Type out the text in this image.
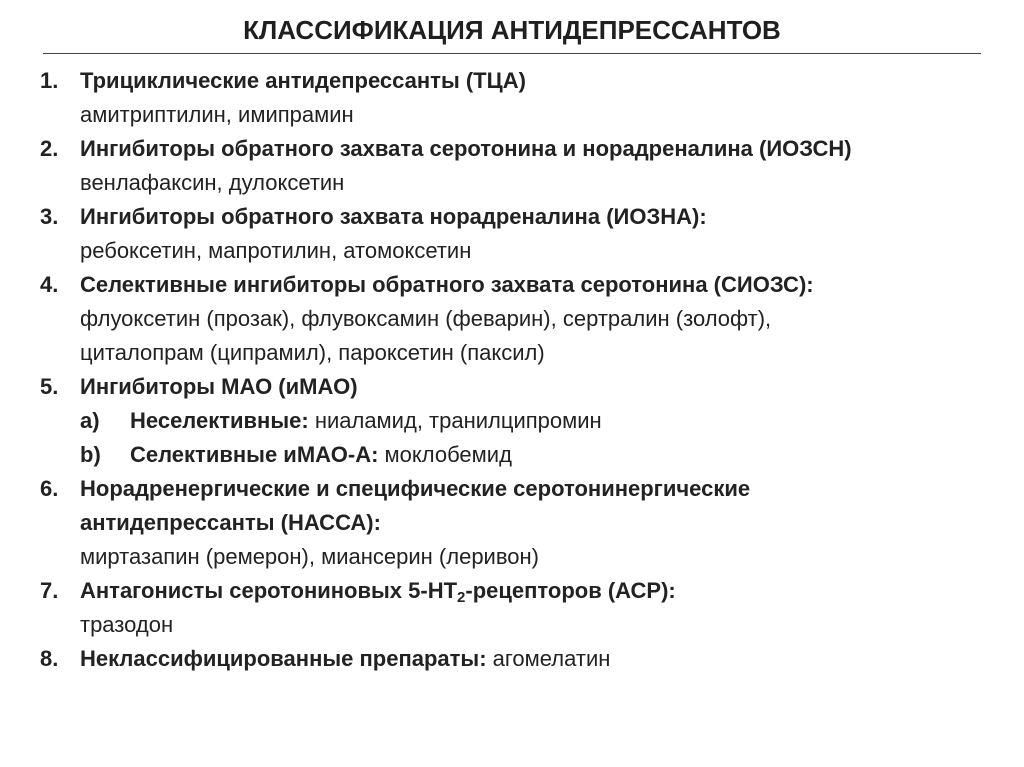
КЛАССИФИКАЦИЯ АНТИДЕПРЕССАНТОВ
1. Трициклические антидепрессанты (ТЦА)
амитриптилин, имипрамин
2. Ингибиторы обратного захвата серотонина и норадреналина (ИОЗСН)
венлафаксин, дулоксетин
3. Ингибиторы обратного захвата норадреналина (ИОЗНА):
ребоксетин, мапротилин, атомоксетин
4. Селективные ингибиторы обратного захвата серотонина (СИОЗС):
флуоксетин (прозак), флувоксамин (феварин), сертралин (золофт),
циталопрам (ципрамил), пароксетин (паксил)
5. Ингибиторы МАО (иМАО)
a)	Неселективные: ниаламид, транилципромин
b)	Селективные иМАО-А: моклобемид
6. Норадренергические и специфические серотонинергические
антидепрессанты (НАССА):
миртазапин (ремерон), миансерин (леривон)
7. Антагонисты серотониновых $5-НТ_2$-рецепторов (АСР):
тразодон
8. Неклассифицированные препараты: агомелатин
